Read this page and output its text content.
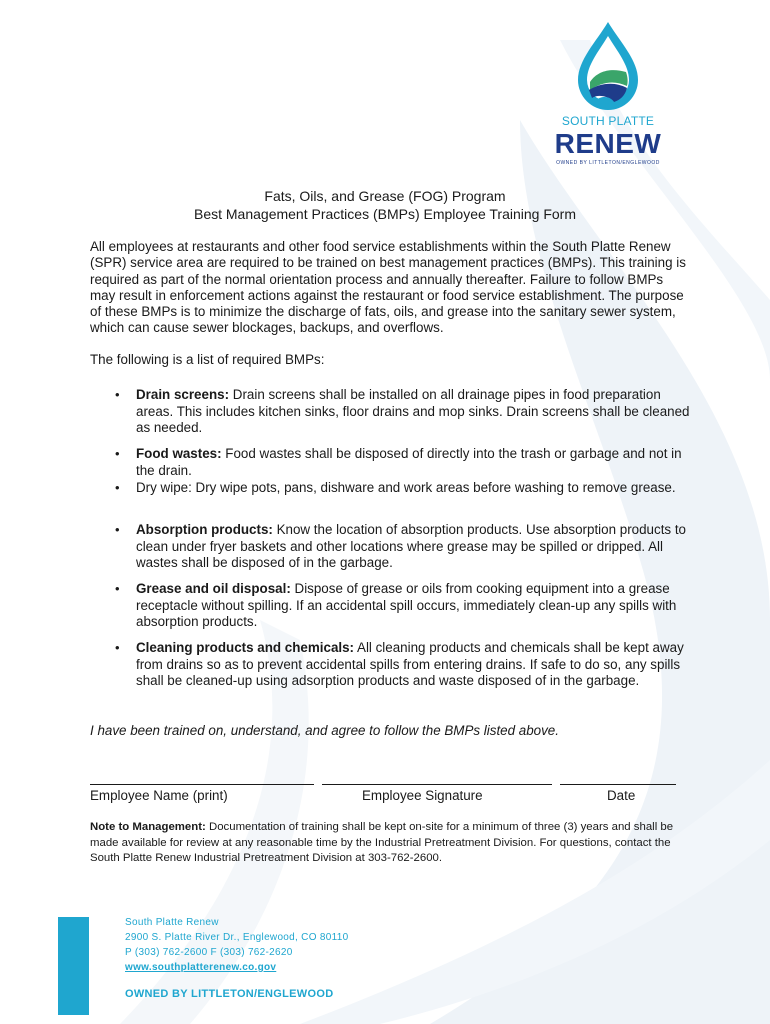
SOUTH PLATTE
RENEW
OWNED BY LITTLETON/ENGLEWOOD
Fats, Oils, and Grease (FOG) Program
Best Management Practices (BMPs) Employee Training Form

All employees at restaurants and other food service establishments within the South Platte Renew (SPR) service area are required to be trained on best management practices (BMPs). This training is required as part of the normal orientation process and annually thereafter. Failure to follow BMPs may result in enforcement actions against the restaurant or food service establishment. The purpose of these BMPs is to minimize the discharge of fats, oils, and grease into the sanitary sewer system, which can cause sewer blockages, backups, and overflows.

The following is a list of required BMPs:

• Drain screens: Drain screens shall be installed on all drainage pipes in food preparation areas. This includes kitchen sinks, floor drains and mop sinks. Drain screens shall be cleaned as needed.
• Food wastes: Food wastes shall be disposed of directly into the trash or garbage and not in the drain.
• Dry wipe: Dry wipe pots, pans, dishware and work areas before washing to remove grease.
• Absorption products: Know the location of absorption products. Use absorption products to clean under fryer baskets and other locations where grease may be spilled or dripped. All wastes shall be disposed of in the garbage.
• Grease and oil disposal: Dispose of grease or oils from cooking equipment into a grease receptacle without spilling. If an accidental spill occurs, immediately clean-up any spills with absorption products.
• Cleaning products and chemicals: All cleaning products and chemicals shall be kept away from drains so as to prevent accidental spills from entering drains. If safe to do so, any spills shall be cleaned-up using adsorption products and waste disposed of in the garbage.
I have been trained on, understand, and agree to follow the BMPs listed above.
Employee Name (print)	Employee Signature	Date
Note to Management: Documentation of training shall be kept on-site for a minimum of three (3) years and shall be made available for review at any reasonable time by the Industrial Pretreatment Division. For questions, contact the South Platte Renew Industrial Pretreatment Division at 303-762-2600.
South Platte Renew
2900 S. Platte River Dr., Englewood, CO 80110
P (303) 762-2600 F (303) 762-2620
www.southplatterenew.co.gov
OWNED BY LITTLETON/ENGLEWOOD
